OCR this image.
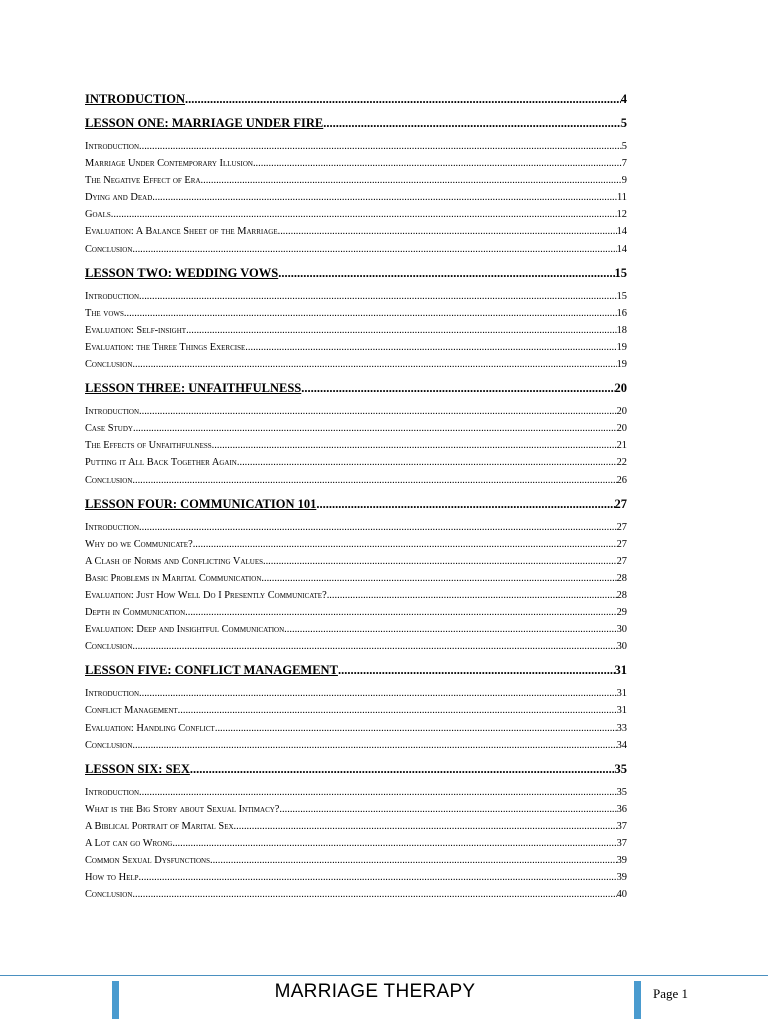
INTRODUCTION .....	4
LESSON ONE: MARRIAGE UNDER FIRE .....	5
Introduction .....	5
Marriage Under Contemporary Illusion .....	7
The Negative Effect of Era .....	9
Dying and Dead .....	11
Goals .....	12
Evaluation: A Balance Sheet of the Marriage .....	14
Conclusion .....	14
LESSON TWO: WEDDING VOWS .....	15
Introduction .....	15
The vows .....	16
Evaluation: Self-insight .....	18
Evaluation: the Three Things Exercise .....	19
Conclusion .....	19
LESSON THREE: UNFAITHFULNESS .....	20
Introduction .....	20
Case Study .....	20
The Effects of Unfaithfulness .....	21
Putting it All Back Together Again .....	22
Conclusion .....	26
LESSON FOUR: COMMUNICATION 101 .....	27
Introduction .....	27
Why do we Communicate? .....	27
A Clash of Norms and Conflicting Values .....	27
Basic Problems in Marital Communication .....	28
Evaluation: Just How Well Do I Presently Communicate? .....	28
Depth in Communication .....	29
Evaluation: Deep and Insightful Communication .....	30
Conclusion .....	30
LESSON FIVE: CONFLICT MANAGEMENT .....	31
Introduction .....	31
Conflict Management .....	31
Evaluation: Handling Conflict .....	33
Conclusion .....	34
LESSON SIX: SEX .....	35
Introduction .....	35
What is the Big Story about Sexual Intimacy? .....	36
A Biblical Portrait of Marital Sex .....	37
A Lot can go Wrong .....	37
Common Sexual Dysfunctions .....	39
How to Help .....	39
Conclusion .....	40
MARRIAGE THERAPY	Page 1
